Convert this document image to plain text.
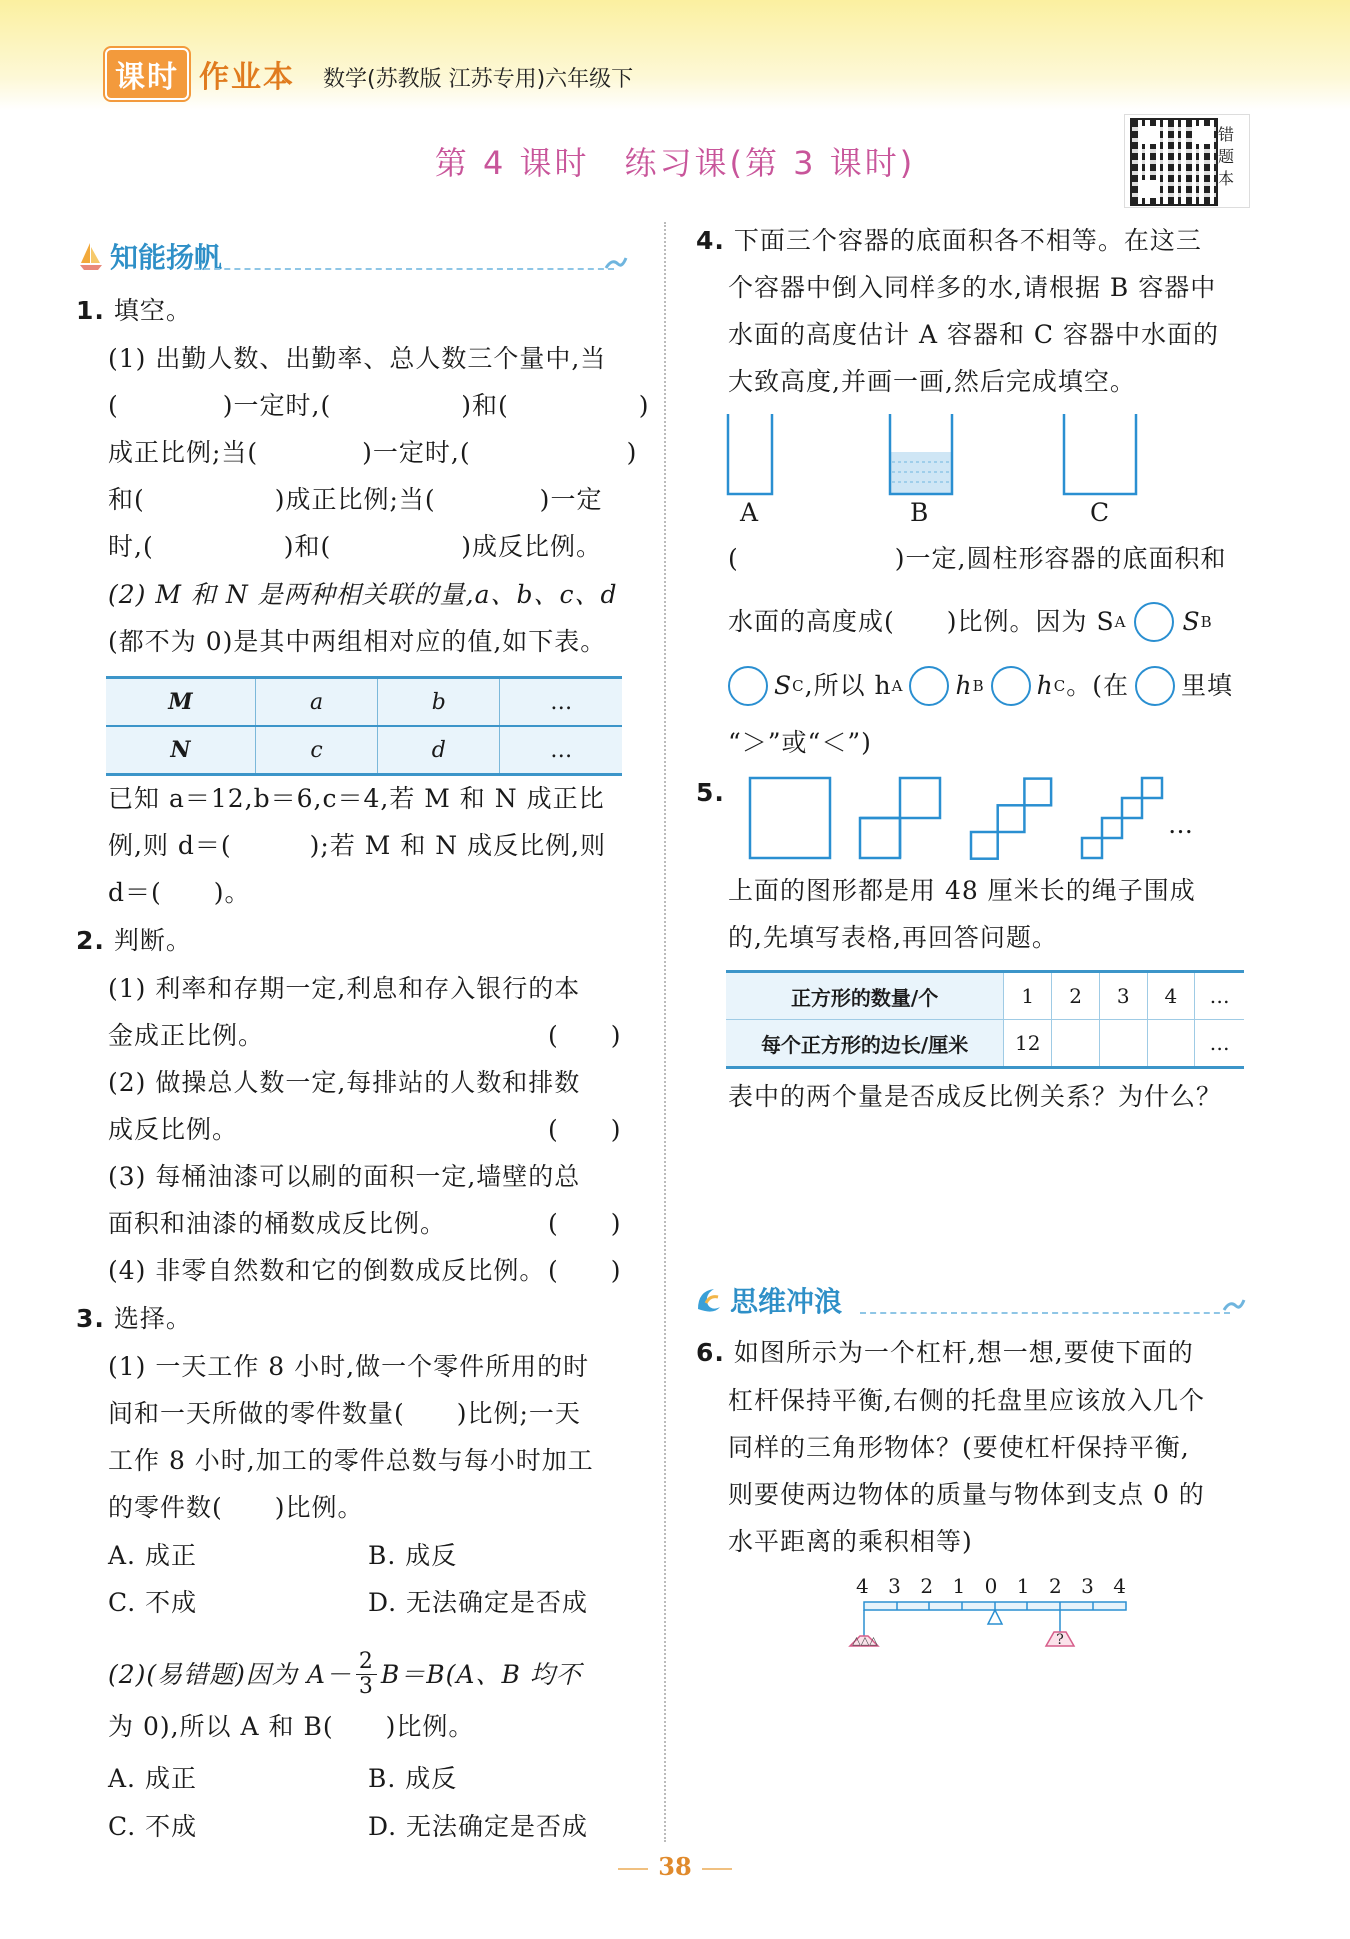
课时 作业本 数学(苏教版 江苏专用)六年级下
第 4 课时　练习课(第 3 课时)
错题本
知能扬帆
1. 填空。
(1) 出勤人数、出勤率、总人数三个量中,当
(　　　　)一定时,(　　　　　)和(　　　　　)
成正比例;当(　　　　)一定时,(　　　　　　)
和(　　　　　)成正比例;当(　　　　)一定
时,(　　　　　)和(　　　　　)成反比例。
(2) M 和 N 是两种相关联的量,a、b、c、d
(都不为 0)是其中两组相对应的值,如下表。
M	a	b	…
N	c	d	…
已知 a＝12,b＝6,c＝4,若 M 和 N 成正比
例,则 d＝(　　　);若 M 和 N 成反比例,则
d＝(　　)。
2. 判断。
(1) 利率和存期一定,利息和存入银行的本
金成正比例。	(　　)
(2) 做操总人数一定,每排站的人数和排数
成反比例。	(　　)
(3) 每桶油漆可以刷的面积一定,墙壁的总
面积和油漆的桶数成反比例。	(　　)
(4) 非零自然数和它的倒数成反比例。 (　　)
3. 选择。
(1) 一天工作 8 小时,做一个零件所用的时
间和一天所做的零件数量(　　)比例;一天
工作 8 小时,加工的零件总数与每小时加工
的零件数(　　)比例。
A. 成正	B. 成反
C. 不成	D. 无法确定是否成
(2)(易错题)因为 $A- \frac{2}{3} B=B(A$、B 均不
为 0),所以 A 和 B(　　)比例。
A. 成正	B. 成反
C. 不成	D. 无法确定是否成
4. 下面三个容器的底面积各不相等。在这三
个容器中倒入同样多的水,请根据 B 容器中
水面的高度估计 A 容器和 C 容器中水面的
大致高度,并画一画,然后完成填空。
A	B	C
(　　　　　　)一定,圆柱形容器的底面积和
水面的高度成(　　)比例。因为 S A S B
S C ,所以 h A h B h C 。(在 里填
“＞”或“＜”)
5.
…
上面的图形都是用 48 厘米长的绳子围成
的,先填写表格,再回答问题。
正方形的数量/个	1	2	3	4	…
每个正方形的边长/厘米	12				…
表中的两个量是否成反比例关系？为什么？
思维冲浪
6. 如图所示为一个杠杆,想一想,要使下面的
杠杆保持平衡,右侧的托盘里应该放入几个
同样的三角形物体？(要使杠杆保持平衡,
则要使两边物体的质量与物体到支点 0 的
水平距离的乘积相等)
4 3 2 1 0 1 2 3 4
△△△	?
38
